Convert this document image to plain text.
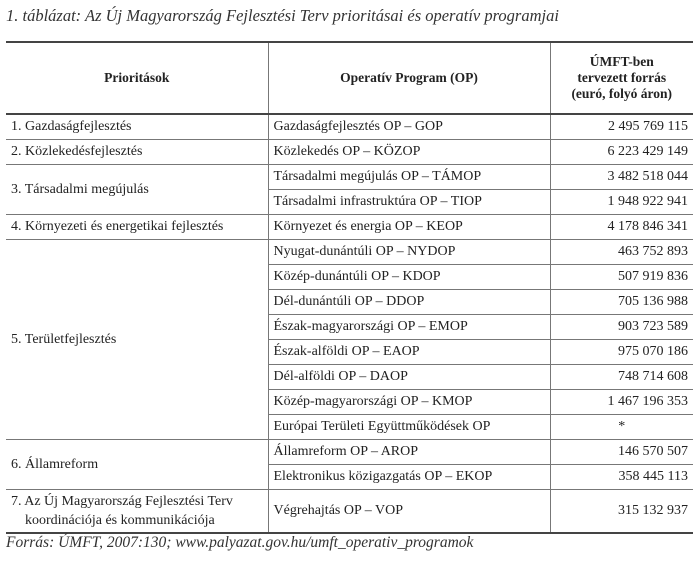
1. táblázat: Az Új Magyarország Fejlesztési Terv prioritásai és operatív programjai
Prioritások	Operatív Program (OP)	ÚMFT-ben
tervezett forrás
(euró, folyó áron)
1. Gazdaságfejlesztés	Gazdaságfejlesztés OP – GOP	2 495 769 115
2. Közlekedésfejlesztés	Közlekedés OP – KÖZOP	6 223 429 149
3. Társadalmi megújulás	Társadalmi megújulás OP – TÁMOP	3 482 518 044
	Társadalmi infrastruktúra OP – TIOP	1 948 922 941
4. Környezeti és energetikai fejlesztés	Környezet és energia OP – KEOP	4 178 846 341
5. Területfejlesztés	Nyugat-dunántúli OP – NYDOP	463 752 893
	Közép-dunántúli OP – KDOP	507 919 836
	Dél-dunántúli OP – DDOP	705 136 988
	Észak-magyarországi OP – EMOP	903 723 589
	Észak-alföldi OP – EAOP	975 070 186
	Dél-alföldi OP – DAOP	748 714 608
	Közép-magyarországi OP – KMOP	1 467 196 353
	Európai Területi Együttműködések OP	*
6. Államreform	Államreform OP – AROP	146 570 507
	Elektronikus közigazgatás OP – EKOP	358 445 113
7. Az Új Magyarország Fejlesztési Terv
koordinációja és kommunikációja	Végrehajtás OP – VOP	315 132 937
Forrás: ÚMFT, 2007:130; www.palyazat.gov.hu/umft_operativ_programok
